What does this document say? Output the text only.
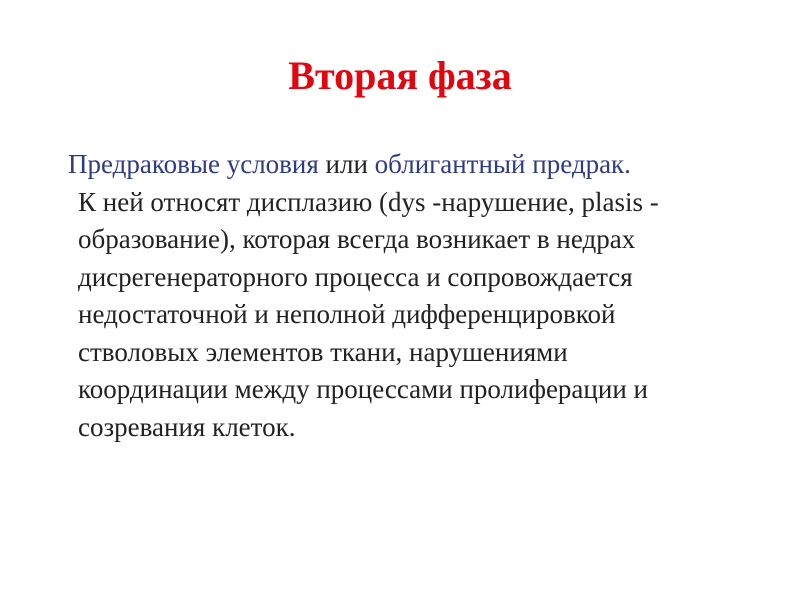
Вторая фаза
Предраковые условия или облигантный предрак.
К ней относят дисплазию (dys -нарушение, plasis -
образование), которая всегда возникает в недрах
дисрегенераторного процесса и сопровождается
недостаточной и неполной дифференцировкой
стволовых элементов ткани, нарушениями
координации между процессами пролиферации и
созревания клеток.
